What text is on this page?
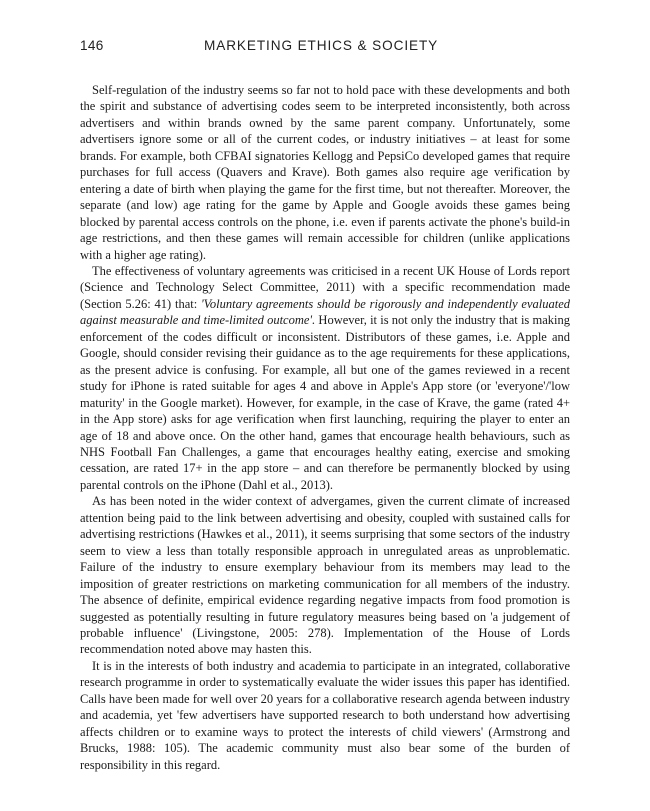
146	MARKETING ETHICS & SOCIETY

Self-regulation of the industry seems so far not to hold pace with these developments and both the spirit and substance of advertising codes seem to be interpreted inconsistently, both across advertisers and within brands owned by the same parent company. Unfortunately, some advertisers ignore some or all of the current codes, or industry initiatives – at least for some brands. For example, both CFBAI signatories Kellogg and PepsiCo developed games that require purchases for full access (Quavers and Krave). Both games also require age verification by entering a date of birth when playing the game for the first time, but not thereafter. Moreover, the separate (and low) age rating for the game by Apple and Google avoids these games being blocked by parental access controls on the phone, i.e. even if parents activate the phone's build-in age restrictions, and then these games will remain accessible for children (unlike applications with a higher age rating).

The effectiveness of voluntary agreements was criticised in a recent UK House of Lords report (Science and Technology Select Committee, 2011) with a specific recommendation made (Section 5.26: 41) that: 'Voluntary agreements should be rigorously and independently evaluated against measurable and time-limited outcome'. However, it is not only the industry that is making enforcement of the codes difficult or inconsistent. Distributors of these games, i.e. Apple and Google, should consider revising their guidance as to the age requirements for these applications, as the present advice is confusing. For example, all but one of the games reviewed in a recent study for iPhone is rated suitable for ages 4 and above in Apple's App store (or 'everyone'/'low maturity' in the Google market). However, for example, in the case of Krave, the game (rated 4+ in the App store) asks for age verification when first launching, requiring the player to enter an age of 18 and above once. On the other hand, games that encourage health behaviours, such as NHS Football Fan Challenges, a game that encourages healthy eating, exercise and smoking cessation, are rated 17+ in the app store – and can therefore be permanently blocked by using parental controls on the iPhone (Dahl et al., 2013).

As has been noted in the wider context of advergames, given the current climate of increased attention being paid to the link between advertising and obesity, coupled with sustained calls for advertising restrictions (Hawkes et al., 2011), it seems surprising that some sectors of the industry seem to view a less than totally responsible approach in unregulated areas as unproblematic. Failure of the industry to ensure exemplary behaviour from its members may lead to the imposition of greater restrictions on marketing communication for all members of the industry. The absence of definite, empirical evidence regarding negative impacts from food promotion is suggested as potentially resulting in future regulatory measures being based on 'a judgement of probable influence' (Livingstone, 2005: 278). Implementation of the House of Lords recommendation noted above may hasten this.

It is in the interests of both industry and academia to participate in an integrated, collaborative research programme in order to systematically evaluate the wider issues this paper has identified. Calls have been made for well over 20 years for a collaborative research agenda between industry and academia, yet 'few advertisers have supported research to both understand how advertising affects children or to examine ways to protect the interests of child viewers' (Armstrong and Brucks, 1988: 105). The academic community must also bear some of the burden of responsibility in this regard.
